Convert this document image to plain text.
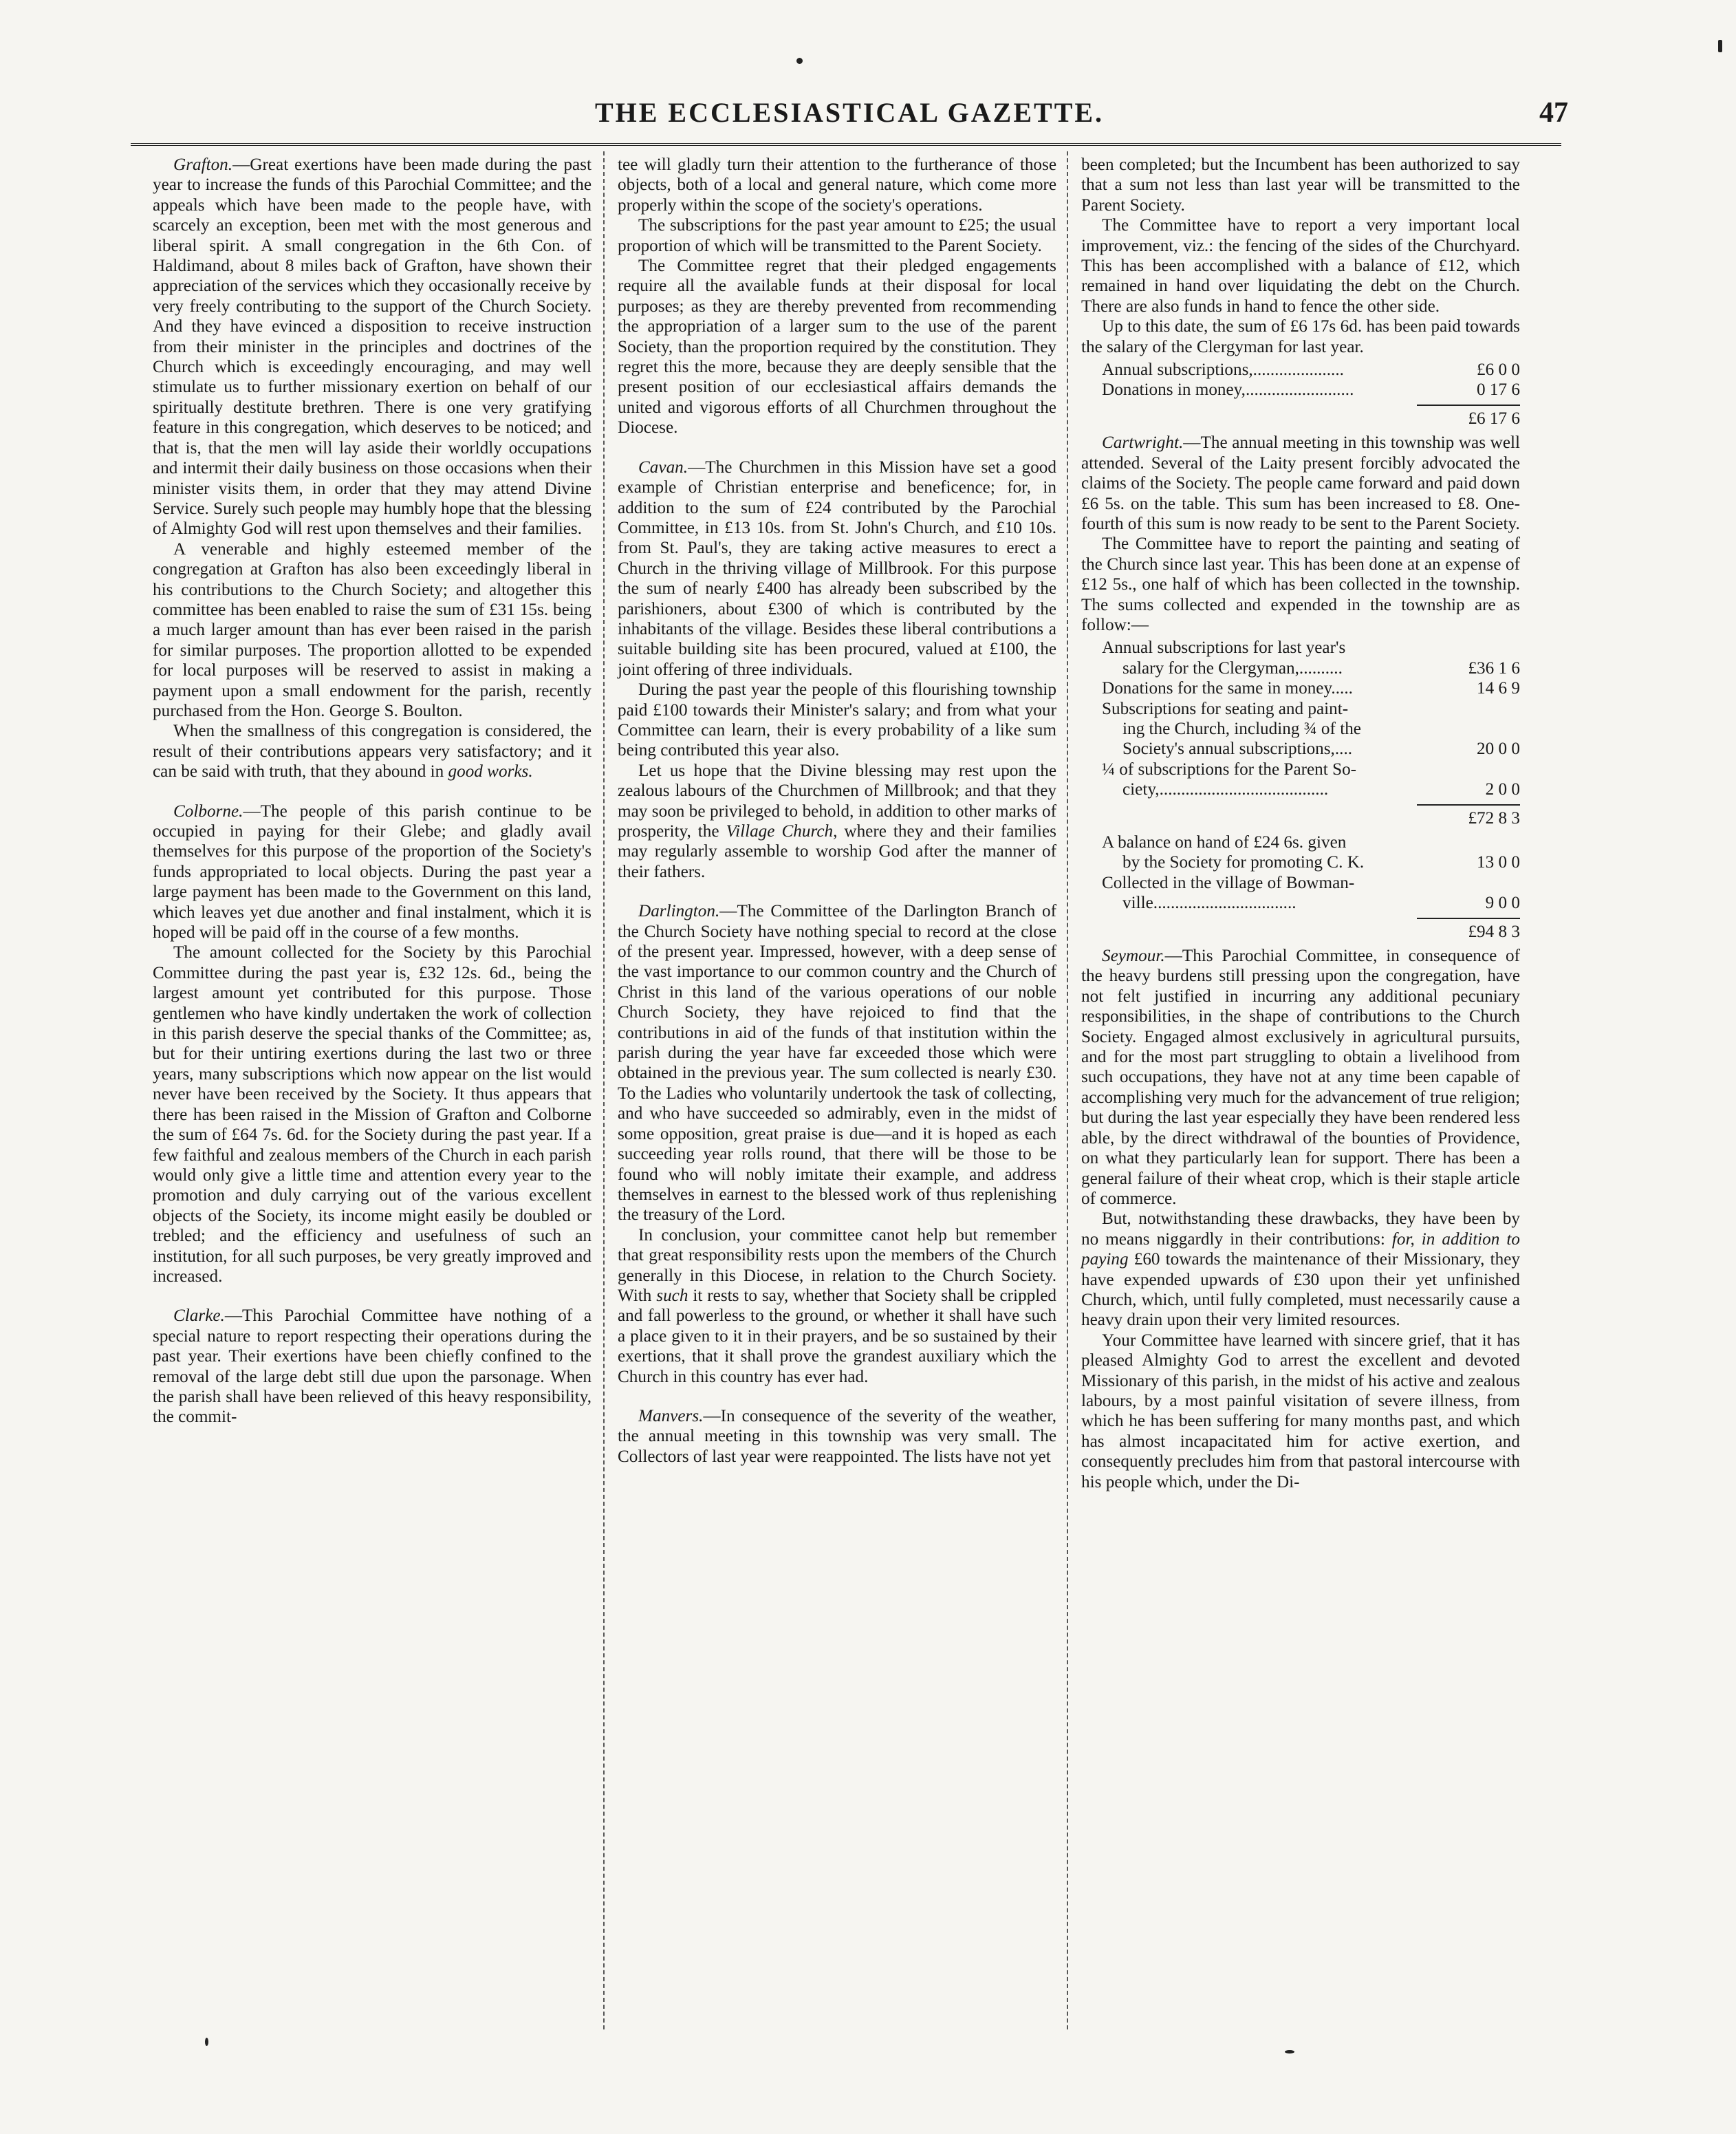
THE ECCLESIASTICAL GAZETTE.	47

Grafton.—Great exertions have been made during the past year to increase the funds of this Parochial Committee; and the appeals which have been made to the people have, with scarcely an exception, been met with the most generous and liberal spirit. A small congregation in the 6th Con. of Haldimand, about 8 miles back of Grafton, have shown their appreciation of the services which they occasionally receive by very freely contributing to the support of the Church Society. And they have evinced a disposition to receive instruction from their minister in the principles and doctrines of the Church which is exceedingly encouraging, and may well stimulate us to further missionary exertion on behalf of our spiritually destitute brethren. There is one very gratifying feature in this congregation, which deserves to be noticed; and that is, that the men will lay aside their worldly occupations and intermit their daily business on those occasions when their minister visits them, in order that they may attend Divine Service. Surely such people may humbly hope that the blessing of Almighty God will rest upon themselves and their families.

A venerable and highly esteemed member of the congregation at Grafton has also been exceedingly liberal in his contributions to the Church Society; and altogether this committee has been enabled to raise the sum of £31 15s. being a much larger amount than has ever been raised in the parish for similar purposes. The proportion allotted to be expended for local purposes will be reserved to assist in making a payment upon a small endowment for the parish, recently purchased from the Hon. George S. Boulton.

When the smallness of this congregation is considered, the result of their contributions appears very satisfactory; and it can be said with truth, that they abound in good works.

Colborne.—The people of this parish continue to be occupied in paying for their Glebe; and gladly avail themselves for this purpose of the proportion of the Society's funds appropriated to local objects. During the past year a large payment has been made to the Government on this land, which leaves yet due another and final instalment, which it is hoped will be paid off in the course of a few months.

The amount collected for the Society by this Parochial Committee during the past year is, £32 12s. 6d., being the largest amount yet contributed for this purpose. Those gentlemen who have kindly undertaken the work of collection in this parish deserve the special thanks of the Committee; as, but for their untiring exertions during the last two or three years, many subscriptions which now appear on the list would never have been received by the Society. It thus appears that there has been raised in the Mission of Grafton and Colborne the sum of £64 7s. 6d. for the Society during the past year. If a few faithful and zealous members of the Church in each parish would only give a little time and attention every year to the promotion and duly carrying out of the various excellent objects of the Society, its income might easily be doubled or trebled; and the efficiency and usefulness of such an institution, for all such purposes, be very greatly improved and increased.

Clarke.—This Parochial Committee have nothing of a special nature to report respecting their operations during the past year. Their exertions have been chiefly confined to the removal of the large debt still due upon the parsonage. When the parish shall have been relieved of this heavy responsibility, the commit-

tee will gladly turn their attention to the furtherance of those objects, both of a local and general nature, which come more properly within the scope of the society's operations.

The subscriptions for the past year amount to £25; the usual proportion of which will be transmitted to the Parent Society.

The Committee regret that their pledged engagements require all the available funds at their disposal for local purposes; as they are thereby prevented from recommending the appropriation of a larger sum to the use of the parent Society, than the proportion required by the constitution. They regret this the more, because they are deeply sensible that the present position of our ecclesiastical affairs demands the united and vigorous efforts of all Churchmen throughout the Diocese.

Cavan.—The Churchmen in this Mission have set a good example of Christian enterprise and beneficence; for, in addition to the sum of £24 contributed by the Parochial Committee, in £13 10s. from St. John's Church, and £10 10s. from St. Paul's, they are taking active measures to erect a Church in the thriving village of Millbrook. For this purpose the sum of nearly £400 has already been subscribed by the parishioners, about £300 of which is contributed by the inhabitants of the village. Besides these liberal contributions a suitable building site has been procured, valued at £100, the joint offering of three individuals.

During the past year the people of this flourishing township paid £100 towards their Minister's salary; and from what your Committee can learn, their is every probability of a like sum being contributed this year also.

Let us hope that the Divine blessing may rest upon the zealous labours of the Churchmen of Millbrook; and that they may soon be privileged to behold, in addition to other marks of prosperity, the Village Church, where they and their families may regularly assemble to worship God after the manner of their fathers.

Darlington.—The Committee of the Darlington Branch of the Church Society have nothing special to record at the close of the present year. Impressed, however, with a deep sense of the vast importance to our common country and the Church of Christ in this land of the various operations of our noble Church Society, they have rejoiced to find that the contributions in aid of the funds of that institution within the parish during the year have far exceeded those which were obtained in the previous year. The sum collected is nearly £30. To the Ladies who voluntarily undertook the task of collecting, and who have succeeded so admirably, even in the midst of some opposition, great praise is due—and it is hoped as each succeeding year rolls round, that there will be those to be found who will nobly imitate their example, and address themselves in earnest to the blessed work of thus replenishing the treasury of the Lord.

In conclusion, your committee canot help but remember that great responsibility rests upon the members of the Church generally in this Diocese, in relation to the Church Society. With such it rests to say, whether that Society shall be crippled and fall powerless to the ground, or whether it shall have such a place given to it in their prayers, and be so sustained by their exertions, that it shall prove the grandest auxiliary which the Church in this country has ever had.

Manvers.—In consequence of the severity of the weather, the annual meeting in this township was very small. The Collectors of last year were reappointed. The lists have not yet

been completed; but the Incumbent has been authorized to say that a sum not less than last year will be transmitted to the Parent Society.

The Committee have to report a very important local improvement, viz.: the fencing of the sides of the Churchyard. This has been accomplished with a balance of £12, which remained in hand over liquidating the debt on the Church. There are also funds in hand to fence the other side.

Up to this date, the sum of £6 17s 6d. has been paid towards the salary of the Clergyman for last year.

Annual subscriptions,.....................	£6 0 0
Donations in money,.........................	0 17 6
£6 17 6

Cartwright.—The annual meeting in this township was well attended. Several of the Laity present forcibly advocated the claims of the Society. The people came forward and paid down £6 5s. on the table. This sum has been increased to £8. One-fourth of this sum is now ready to be sent to the Parent Society.

The Committee have to report the painting and seating of the Church since last year. This has been done at an expense of £12 5s., one half of which has been collected in the township. The sums collected and expended in the township are as follow:—

Annual subscriptions for last year's
salary for the Clergyman,..........	£36 1 6
Donations for the same in money.....	14 6 9
Subscriptions for seating and paint-
ing the Church, including ¾ of the
Society's annual subscriptions,....	20 0 0
¼ of subscriptions for the Parent So-
ciety,.......................................	2 0 0
£72 8 3
A balance on hand of £24 6s. given
by the Society for promoting C. K.	13 0 0
Collected in the village of Bowman-
ville.................................	9 0 0
£94 8 3

Seymour.—This Parochial Committee, in consequence of the heavy burdens still pressing upon the congregation, have not felt justified in incurring any additional pecuniary responsibilities, in the shape of contributions to the Church Society. Engaged almost exclusively in agricultural pursuits, and for the most part struggling to obtain a livelihood from such occupations, they have not at any time been capable of accomplishing very much for the advancement of true religion; but during the last year especially they have been rendered less able, by the direct withdrawal of the bounties of Providence, on what they particularly lean for support. There has been a general failure of their wheat crop, which is their staple article of commerce.

But, notwithstanding these drawbacks, they have been by no means niggardly in their contributions: for, in addition to paying £60 towards the maintenance of their Missionary, they have expended upwards of £30 upon their yet unfinished Church, which, until fully completed, must necessarily cause a heavy drain upon their very limited resources.

Your Committee have learned with sincere grief, that it has pleased Almighty God to arrest the excellent and devoted Missionary of this parish, in the midst of his active and zealous labours, by a most painful visitation of severe illness, from which he has been suffering for many months past, and which has almost incapacitated him for active exertion, and consequently precludes him from that pastoral intercourse with his people which, under the Di-
